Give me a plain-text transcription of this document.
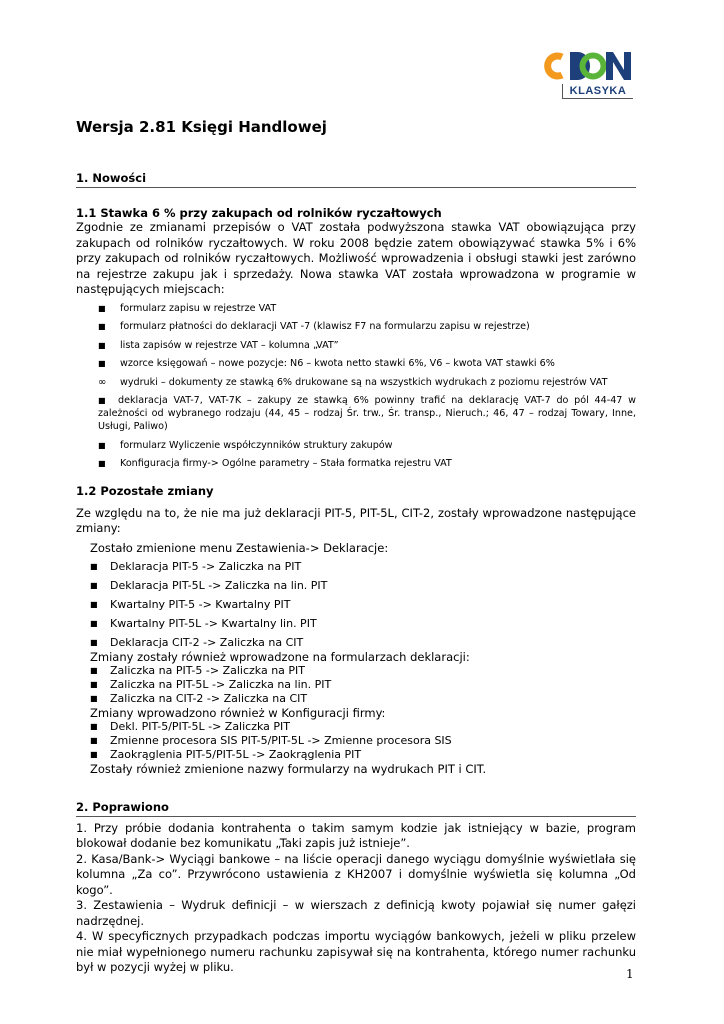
KLASYKA
Wersja 2.81 Księgi Handlowej
1. Nowości
1.1 Stawka 6 % przy zakupach od rolników ryczałtowych

Zgodnie ze zmianami przepisów o VAT została podwyższona stawka VAT obowiązująca przy zakupach od rolników ryczałtowych. W roku 2008 będzie zatem obowiązywać stawka 5% i 6% przy zakupach od rolników ryczałtowych. Możliwość wprowadzenia i obsługi stawki jest zarówno na rejestrze zakupu jak i sprzedaży. Nowa stawka VAT została wprowadzona w programie w następujących miejscach:

■ formularz zapisu w rejestrze VAT
■ formularz płatności do deklaracji VAT -7 (klawisz F7 na formularzu zapisu w rejestrze)
■ lista zapisów w rejestrze VAT – kolumna „VAT”
■ wzorce księgowań – nowe pozycje: N6 – kwota netto stawki 6%, V6 – kwota VAT stawki 6%
∞ wydruki – dokumenty ze stawką 6% drukowane są na wszystkich wydrukach z poziomu rejestrów VAT

■ deklaracja VAT-7, VAT-7K – zakupy ze stawką 6% powinny trafić na deklarację VAT-7 do pól 44-47 w zależności od wybranego rodzaju (44, 45 – rodzaj Śr. trw., Śr. transp., Nieruch.; 46, 47 – rodzaj Towary, Inne, Usługi, Paliwo)

■ formularz Wyliczenie współczynników struktury zakupów
■ Konfiguracja firmy-> Ogólne parametry – Stała formatka rejestru VAT
1.2 Pozostałe zmiany

Ze względu na to, że nie ma już deklaracji PIT-5, PIT-5L, CIT-2, zostały wprowadzone następujące zmiany:

Zostało zmienione menu Zestawienia-> Deklaracje:
■ Deklaracja PIT-5 -> Zaliczka na PIT
■ Deklaracja PIT-5L -> Zaliczka na lin. PIT
■ Kwartalny PIT-5 -> Kwartalny PIT
■ Kwartalny PIT-5L -> Kwartalny lin. PIT
■ Deklaracja CIT-2 -> Zaliczka na CIT
Zmiany zostały również wprowadzone na formularzach deklaracji:
■ Zaliczka na PIT-5 -> Zaliczka na PIT
■ Zaliczka na PIT-5L -> Zaliczka na lin. PIT
■ Zaliczka na CIT-2 -> Zaliczka na CIT
Zmiany wprowadzono również w Konfiguracji firmy:
■ Dekl. PIT-5/PIT-5L -> Zaliczka PIT
■ Zmienne procesora SIS PIT-5/PIT-5L -> Zmienne procesora SIS
■ Zaokrąglenia PIT-5/PIT-5L -> Zaokrąglenia PIT
Zostały również zmienione nazwy formularzy na wydrukach PIT i CIT.
2. Poprawiono

1. Przy próbie dodania kontrahenta o takim samym kodzie jak istniejący w bazie, program blokował dodanie bez komunikatu „Taki zapis już istnieje”.

2. Kasa/Bank-> Wyciągi bankowe – na liście operacji danego wyciągu domyślnie wyświetlała się kolumna „Za co”. Przywrócono ustawienia z KH2007 i domyślnie wyświetla się kolumna „Od kogo”.

3. Zestawienia – Wydruk definicji – w wierszach z definicją kwoty pojawiał się numer gałęzi nadrzędnej.

4. W specyficznych przypadkach podczas importu wyciągów bankowych, jeżeli w pliku przelew nie miał wypełnionego numeru rachunku zapisywał się na kontrahenta, którego numer rachunku był w pozycji wyżej w pliku.	1
